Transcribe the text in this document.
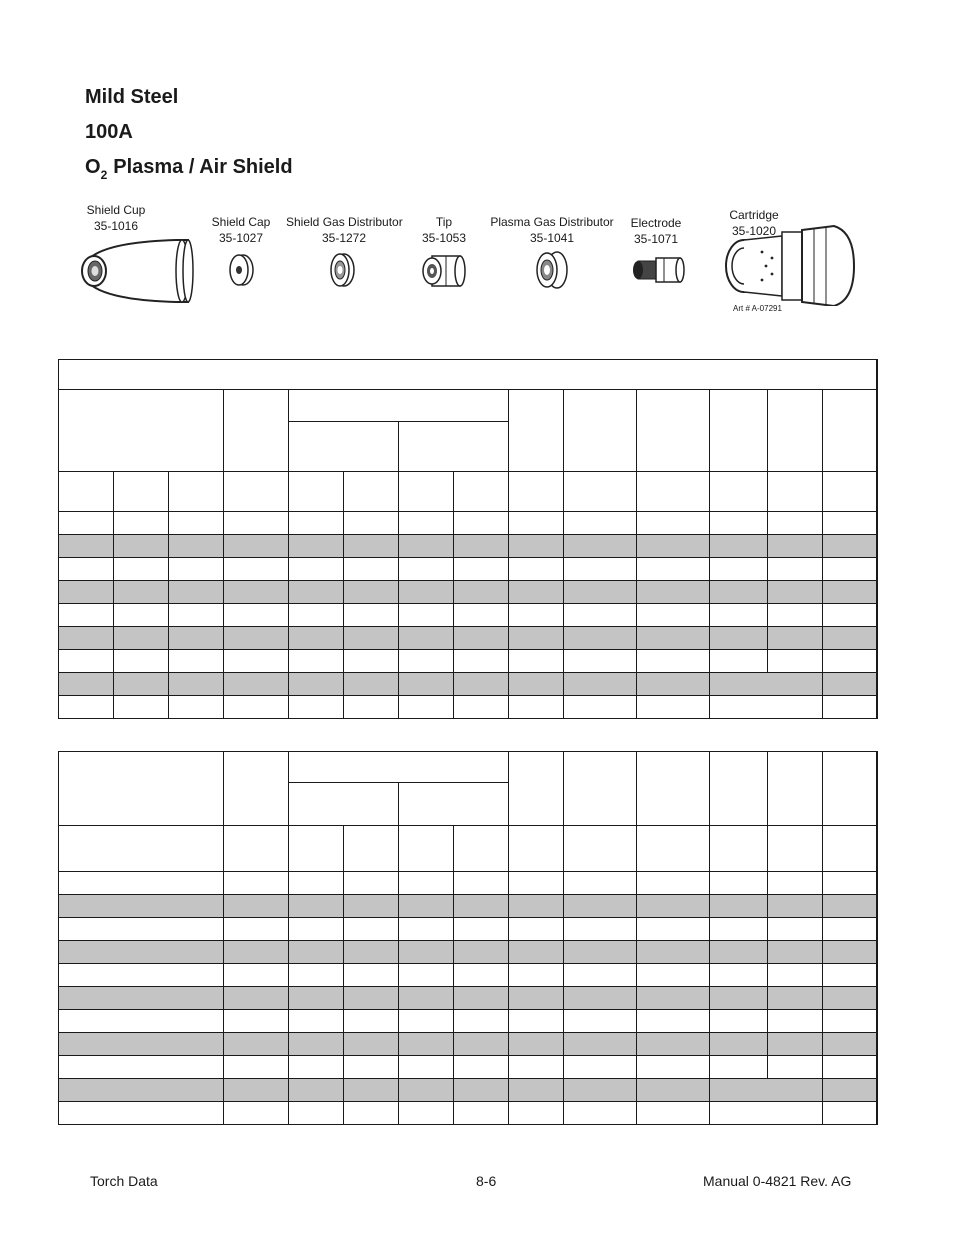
Mild Steel
100A
$O_2$ Plasma / Air Shield
Shield Cup
35-1016	Shield Cap
35-1027
Shield Gas Distributor
35-1272
Tip
35-1053
Plasma Gas Distributor
35-1041
Electrode
35-1071
Cartridge
35-1020
Art # A-07291

Torch Data	8-6	Manual 0-4821 Rev. AG
